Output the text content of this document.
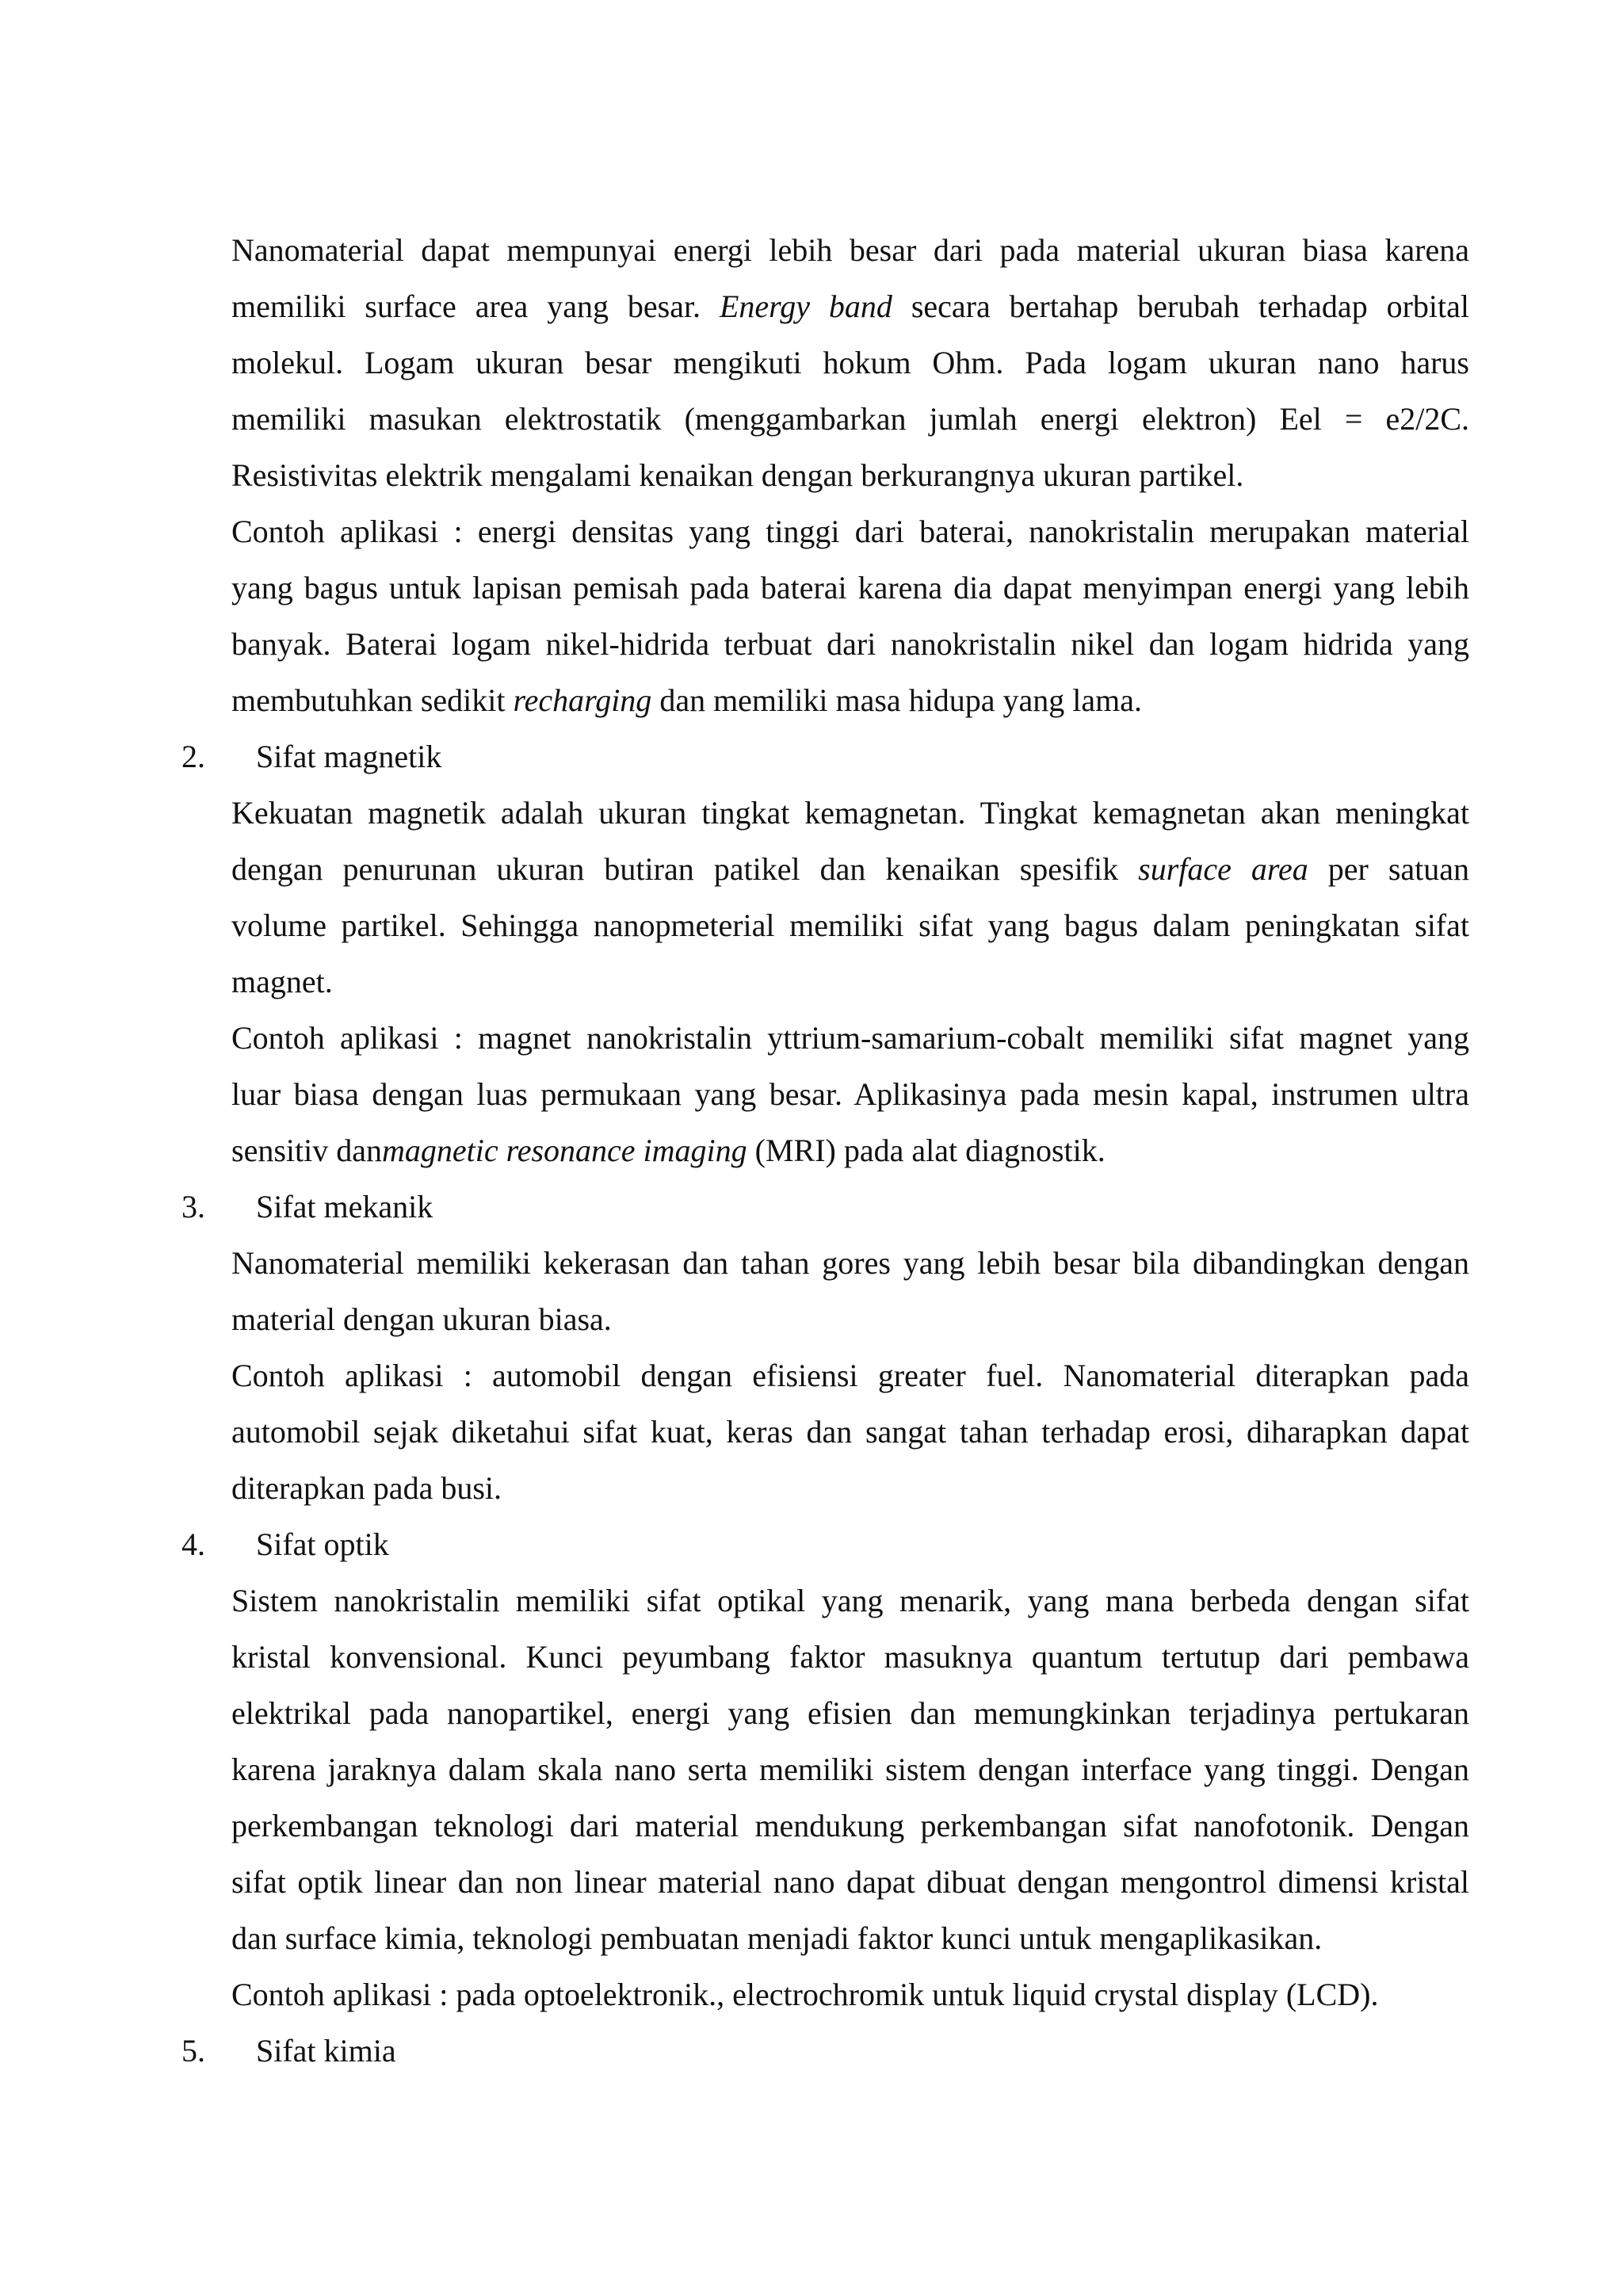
Nanomaterial dapat mempunyai energi lebih besar dari pada material ukuran biasa karena
memiliki surface area yang besar. Energy band secara bertahap berubah terhadap orbital
molekul. Logam ukuran besar mengikuti hokum Ohm. Pada logam ukuran nano harus
memiliki masukan elektrostatik (menggambarkan jumlah energi elektron) Eel = e2/2C.
Resistivitas elektrik mengalami kenaikan dengan berkurangnya ukuran partikel.
Contoh aplikasi : energi densitas yang tinggi dari baterai, nanokristalin merupakan material
yang bagus untuk lapisan pemisah pada baterai karena dia dapat menyimpan energi yang lebih
banyak. Baterai logam nikel-hidrida terbuat dari nanokristalin nikel dan logam hidrida yang
membutuhkan sedikit recharging dan memiliki masa hidupa yang lama.
2. Sifat magnetik
Kekuatan magnetik adalah ukuran tingkat kemagnetan. Tingkat kemagnetan akan meningkat
dengan penurunan ukuran butiran patikel dan kenaikan spesifik surface area per satuan
volume partikel. Sehingga nanopmeterial memiliki sifat yang bagus dalam peningkatan sifat
magnet.
Contoh aplikasi : magnet nanokristalin yttrium-samarium-cobalt memiliki sifat magnet yang
luar biasa dengan luas permukaan yang besar. Aplikasinya pada mesin kapal, instrumen ultra
sensitiv danmagnetic resonance imaging (MRI) pada alat diagnostik.
3. Sifat mekanik
Nanomaterial memiliki kekerasan dan tahan gores yang lebih besar bila dibandingkan dengan
material dengan ukuran biasa.
Contoh aplikasi : automobil dengan efisiensi greater fuel. Nanomaterial diterapkan pada
automobil sejak diketahui sifat kuat, keras dan sangat tahan terhadap erosi, diharapkan dapat
diterapkan pada busi.
4. Sifat optik
Sistem nanokristalin memiliki sifat optikal yang menarik, yang mana berbeda dengan sifat
kristal konvensional. Kunci peyumbang faktor masuknya quantum tertutup dari pembawa
elektrikal pada nanopartikel, energi yang efisien dan memungkinkan terjadinya pertukaran
karena jaraknya dalam skala nano serta memiliki sistem dengan interface yang tinggi. Dengan
perkembangan teknologi dari material mendukung perkembangan sifat nanofotonik. Dengan
sifat optik linear dan non linear material nano dapat dibuat dengan mengontrol dimensi kristal
dan surface kimia, teknologi pembuatan menjadi faktor kunci untuk mengaplikasikan.
Contoh aplikasi : pada optoelektronik., electrochromik untuk liquid crystal display (LCD).
5. Sifat kimia
